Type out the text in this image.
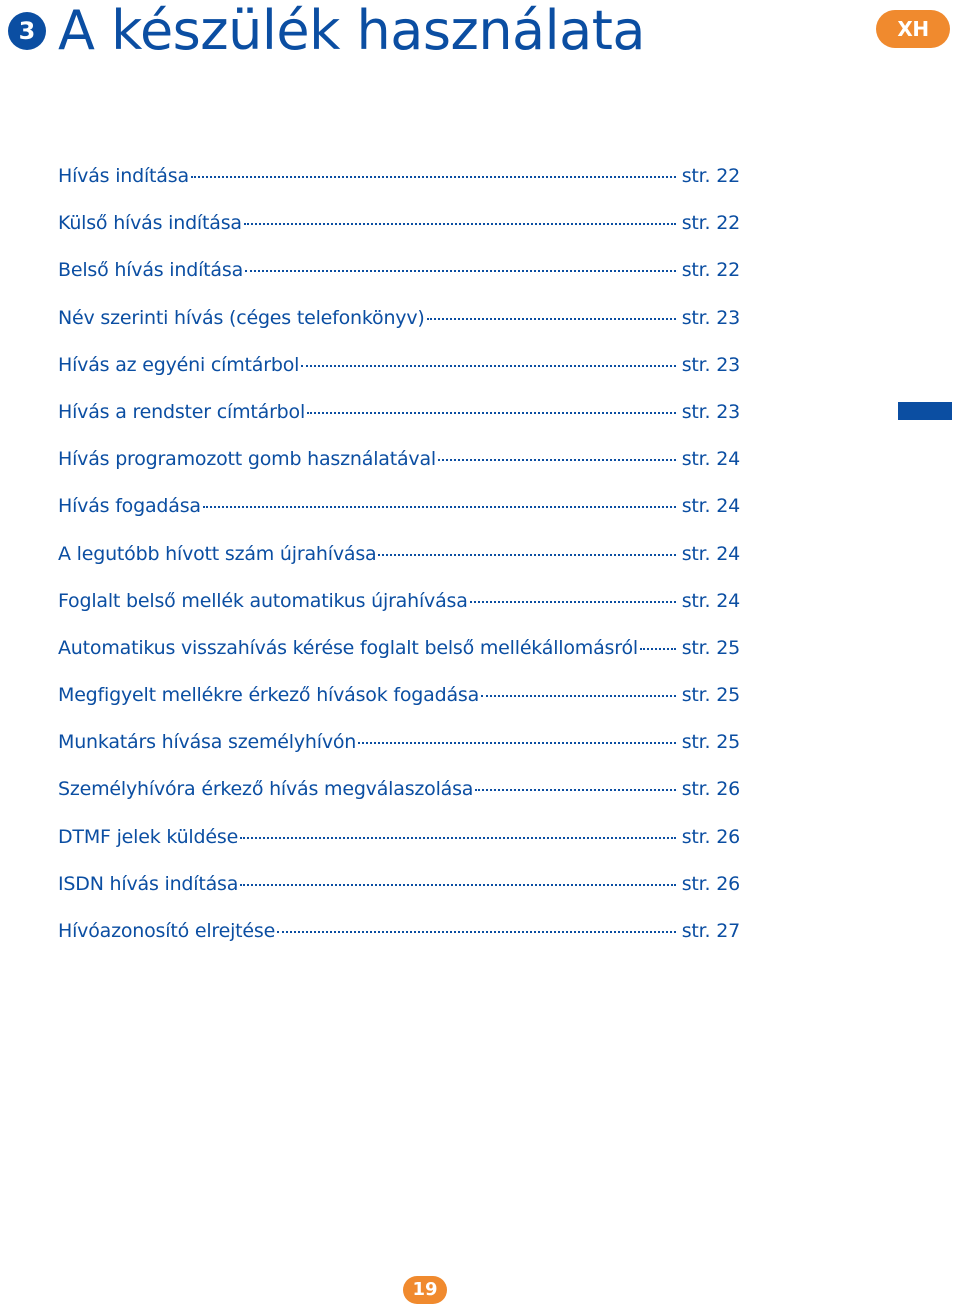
3 A készülék használata	XH
Hívás indítása	str. 22
Külső hívás indítása	str. 22
Belső hívás indítása	str. 22
Név szerinti hívás (céges telefonkönyv)	str. 23
Hívás az egyéni címtárbol	str. 23
Hívás a rendster címtárbol	str. 23
Hívás programozott gomb használatával	str. 24
Hívás fogadása	str. 24
A legutóbb hívott szám újrahívása	str. 24
Foglalt belső mellék automatikus újrahívása	str. 24
Automatikus visszahívás kérése foglalt belső mellékállomásról str. 25
Megfigyelt mellékre érkező hívások fogadása	str. 25
Munkatárs hívása személyhívón	str. 25
Személyhívóra érkező hívás megválaszolása	str. 26
DTMF jelek küldése	str. 26
ISDN hívás indítása	str. 26
Hívóazonosító elrejtése	str. 27
19
